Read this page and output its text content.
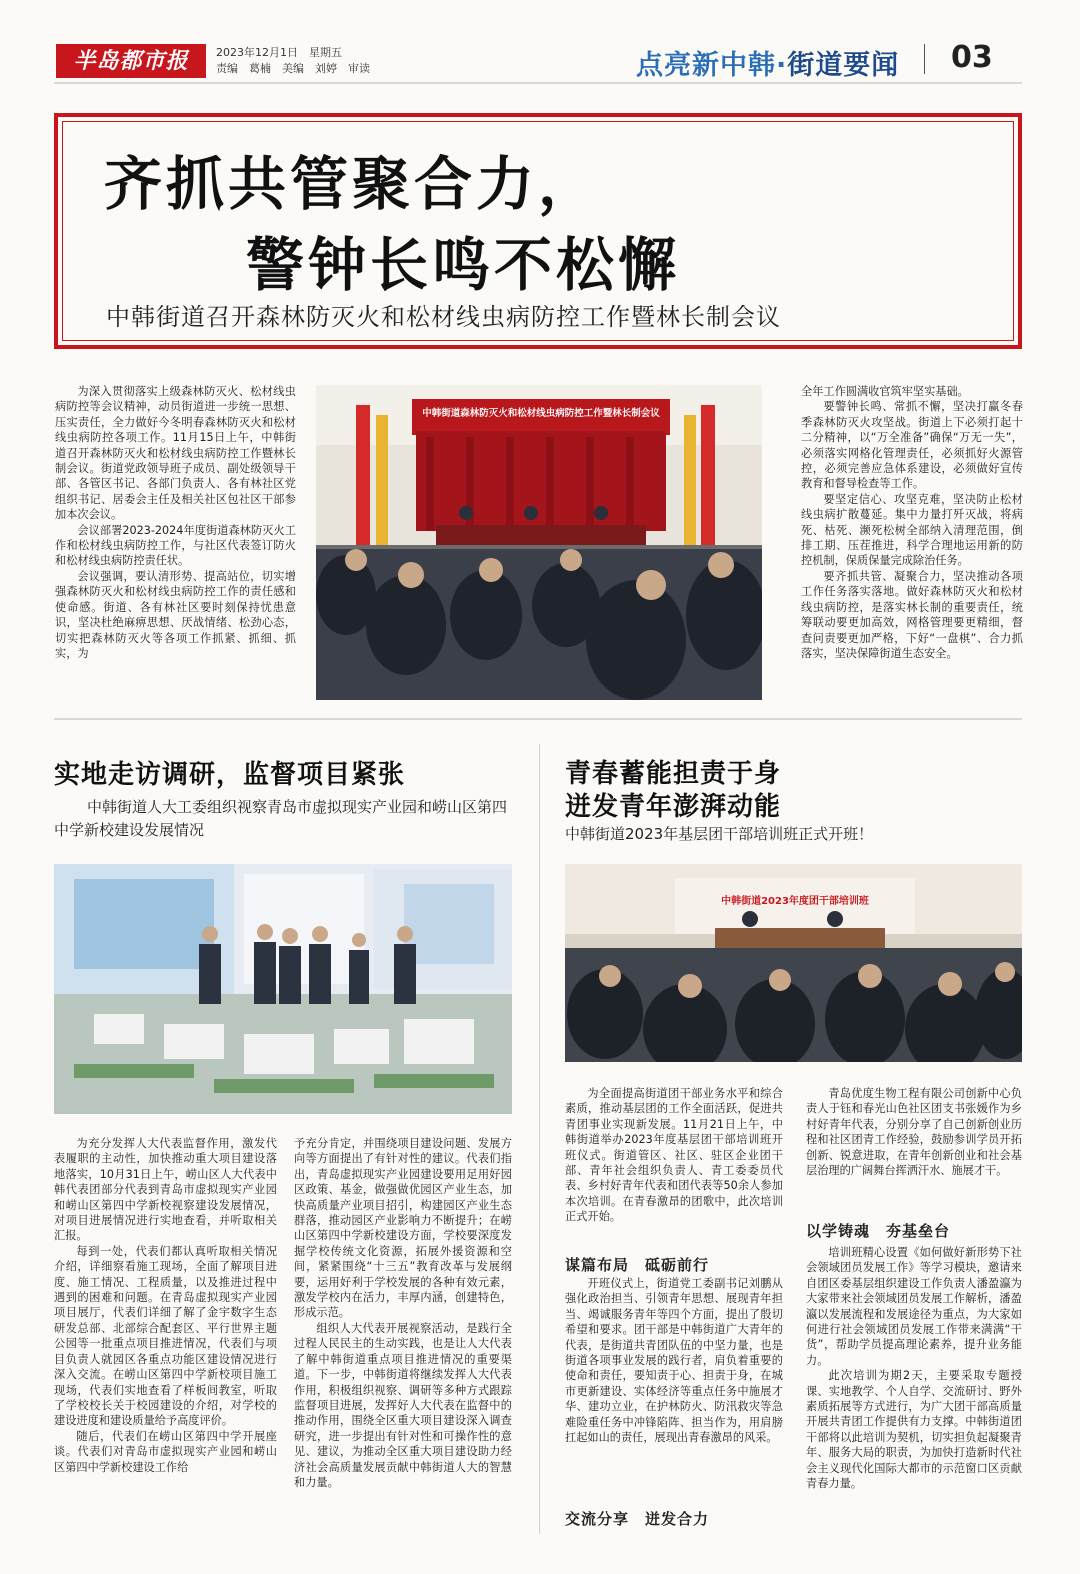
半岛都市报	2023年12月1日　星期五
责编　葛楠　美编　刘婷　审读	点亮新中韩·街道要闻 03
齐抓共管聚合力，
警钟长鸣不松懈
中韩街道召开森林防灭火和松材线虫病防控工作暨林长制会议

为深入贯彻落实上级森林防灭火、松材线虫病防控等会议精神，动员街道进一步统一思想、压实责任，全力做好今冬明春森林防灭火和松材线虫病防控各项工作。11月15日上午，中韩街道召开森林防灭火和松材线虫病防控工作暨林长制会议。街道党政领导班子成员、副处级领导干部、各管区书记、各部门负责人、各有林社区党组织书记、居委会主任及相关社区包社区干部参加本次会议。

会议部署2023-2024年度街道森林防灭火工作和松材线虫病防控工作，与社区代表签订防火和松材线虫病防控责任状。

会议强调，要认清形势、提高站位，切实增强森林防灭火和松材线虫病防控工作的责任感和使命感。街道、各有林社区要时刻保持忧患意识，坚决杜绝麻痹思想、厌战情绪、松劲心态，切实把森林防灭火等各项工作抓紧、抓细、抓实，为

中韩街道森林防灭火和松材线虫病防控工作暨林长制会议

全年工作圆满收官筑牢坚实基础。

要警钟长鸣、常抓不懈，坚决打赢冬春季森林防灭火攻坚战。街道上下必须打起十二分精神，以“万全准备”确保“万无一失”，必须落实网格化管理责任，必须抓好火源管控，必须完善应急体系建设，必须做好宣传教育和督导检查等工作。

要坚定信心、攻坚克难，坚决防止松材线虫病扩散蔓延。集中力量打歼灭战，将病死、枯死、濒死松树全部纳入清理范围，倒排工期、压茬推进，科学合理地运用新的防控机制，保质保量完成除治任务。

要齐抓共管、凝聚合力，坚决推动各项工作任务落实落地。做好森林防灭火和松材线虫病防控，是落实林长制的重要责任，统筹联动要更加高效，网格管理要更精细，督查问责要更加严格，下好“一盘棋”、合力抓落实，坚决保障街道生态安全。

实地走访调研，监督项目紧张
中韩街道人大工委组织视察青岛市虚拟现实产业园和崂山区第四中学新校建设发展情况

为充分发挥人大代表监督作用，激发代表履职的主动性，加快推动重大项目建设落地落实，10月31日上午，崂山区人大代表中韩代表团部分代表到青岛市虚拟现实产业园和崂山区第四中学新校视察建设发展情况，对项目进展情况进行实地查看，并听取相关汇报。

每到一处，代表们都认真听取相关情况介绍，详细察看施工现场，全面了解项目进度、施工情况、工程质量，以及推进过程中遇到的困难和问题。在青岛虚拟现实产业园项目展厅，代表们详细了解了金宇数字生态研发总部、北部综合配套区、平行世界主题公园等一批重点项目推进情况，代表们与项目负责人就园区各重点功能区建设情况进行深入交流。在崂山区第四中学新校项目施工现场，代表们实地查看了样板间教室，听取了学校校长关于校园建设的介绍，对学校的建设进度和建设质量给予高度评价。

随后，代表们在崂山区第四中学开展座谈。代表们对青岛市虚拟现实产业园和崂山区第四中学新校建设工作给

予充分肯定，并围绕项目建设问题、发展方向等方面提出了有针对性的建议。代表们指出，青岛虚拟现实产业园建设要用足用好园区政策、基金，做强做优园区产业生态，加快高质量产业项目招引，构建园区产业生态群落，推动园区产业影响力不断提升；在崂山区第四中学新校建设方面，学校要深度发掘学校传统文化资源，拓展外援资源和空间，紧紧围绕“十三五”教育改革与发展纲要，运用好利于学校发展的各种有效元素，激发学校内在活力，丰厚内涵，创建特色，形成示范。

组织人大代表开展视察活动，是践行全过程人民民主的生动实践，也是让人大代表了解中韩街道重点项目推进情况的重要渠道。下一步，中韩街道将继续发挥人大代表作用，积极组织视察、调研等多种方式跟踪监督项目进展，发挥好人大代表在监督中的推动作用，围绕全区重大项目建设深入调查研究，进一步提出有针对性和可操作性的意见、建议，为推动全区重大项目建设助力经济社会高质量发展贡献中韩街道人大的智慧和力量。

青春蓄能担责于身
迸发青年澎湃动能
中韩街道2023年基层团干部培训班正式开班！
中韩街道2023年度团干部培训班

为全面提高街道团干部业务水平和综合素质，推动基层团的工作全面活跃，促进共青团事业实现新发展。11月21日上午，中韩街道举办2023年度基层团干部培训班开班仪式。街道管区、社区、驻区企业团干部、青年社会组织负责人、青工委委员代表、乡村好青年代表和团代表等50余人参加本次培训。在青春激昂的团歌中，此次培训正式开始。

谋篇布局　砥砺前行

开班仪式上，街道党工委副书记刘鹏从强化政治担当、引领青年思想、展现青年担当、竭诚服务青年等四个方面，提出了殷切希望和要求。团干部是中韩街道广大青年的代表，是街道共青团队伍的中坚力量，也是街道各项事业发展的践行者，肩负着重要的使命和责任，要知责于心、担责于身，在城市更新建设、实体经济等重点任务中施展才华、建功立业，在护林防火、防汛救灾等急难险重任务中冲锋陷阵、担当作为，用肩膀扛起如山的责任，展现出青春激昂的风采。

交流分享　迸发合力

青岛优度生物工程有限公司创新中心负责人于钰和春光山色社区团支书张媛作为乡村好青年代表，分别分享了自己创新创业历程和社区团青工作经验，鼓励参训学员开拓创新、锐意进取，在青年创新创业和社会基层治理的广阔舞台挥洒汗水、施展才干。

以学铸魂　夯基垒台

培训班精心设置《如何做好新形势下社会领域团员发展工作》等学习模块，邀请来自团区委基层组织建设工作负责人潘盈瀛为大家带来社会领域团员发展工作解析，潘盈瀛以发展流程和发展途径为重点，为大家如何进行社会领域团员发展工作带来满满“干货”，帮助学员提高理论素养，提升业务能力。

此次培训为期2天，主要采取专题授课、实地教学、个人自学、交流研讨、野外素质拓展等方式进行，为广大团干部高质量开展共青团工作提供有力支撑。中韩街道团干部将以此培训为契机，切实担负起凝聚青年、服务大局的职责，为加快打造新时代社会主义现代化国际大都市的示范窗口区贡献青春力量。
